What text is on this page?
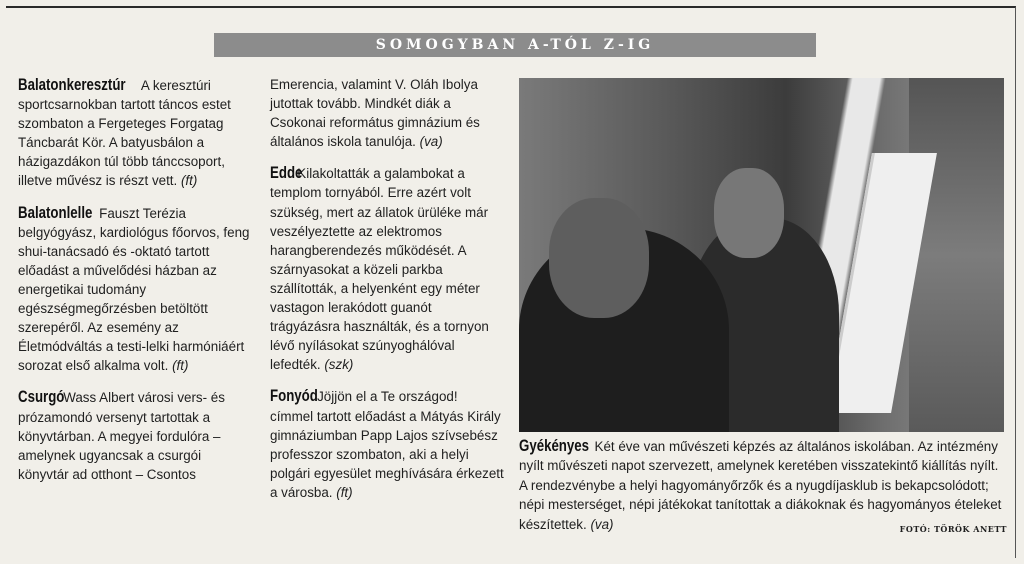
SOMOGYBAN A-TÓL Z-IG

Balatonkeresztúr A keresztúri sportcsarnokban tartott táncos estet szombaton a Fergeteges Forgatag Táncbarát Kör. A batyusbálon a házigazdákon túl több tánccsoport, illetve művész is részt vett. (ft)

Balatonlelle Fauszt Terézia belgyógyász, kardiológus főorvos, feng shui-tanácsadó és -oktató tartott előadást a művelődési házban az energetikai tudomány egészségmegőrzésben betöltött szerepéről. Az esemény az Életmódváltás a testi-lelki harmóniáért sorozat első alkalma volt. (ft)

Csurgó Wass Albert városi vers- és prózamondó versenyt tartottak a könyvtárban. A megyei fordulóra – amelynek ugyancsak a csurgói könyvtár ad otthont – Csontos

Emerencia, valamint V. Oláh Ibolya jutottak tovább. Mindkét diák a Csokonai református gimnázium és általános iskola tanulója. (va)

Edde Kilakoltatták a galambokat a templom tornyából. Erre azért volt szükség, mert az állatok ürüléke már veszélyeztette az elektromos harangberendezés működését. A szárnyasokat a közeli parkba szállították, a helyenként egy méter vastagon lerakódott guanót trágyázásra használták, és a tornyon lévő nyílásokat szúnyoghálóval lefedték. (szk)

Fonyód Jöjjön el a Te országod! címmel tartott előadást a Mátyás Király gimnáziumban Papp Lajos szívsebész professzor szombaton, aki a helyi polgári egyesület meghívására érkezett a városba. (ft)

Gyékényes Két éve van művészeti képzés az általános iskolában. Az intézmény nyílt művészeti napot szervezett, amelynek keretében visszatekintő kiállítás nyílt. A rendezvénybe a helyi hagyományőrzők és a nyugdíjasklub is bekapcsolódott; népi mesterséget, népi játékokat tanítottak a diákoknak és hagyományos ételeket készítettek. (va)	FOTÓ: TÖRÖK ANETT
